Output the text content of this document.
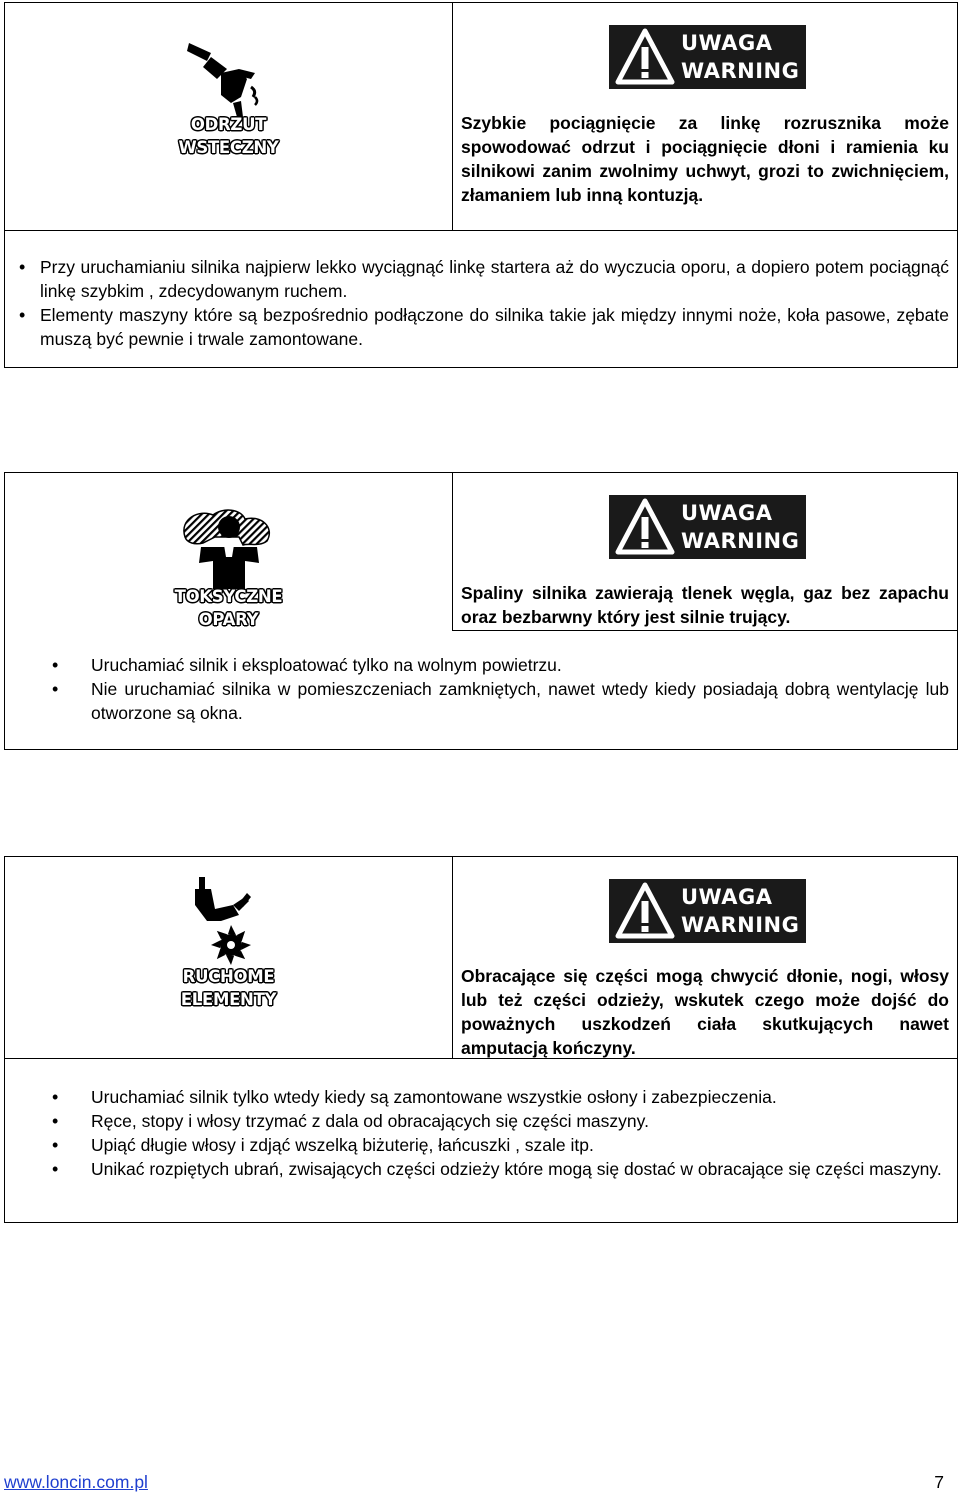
ODRZUT
WSTECZNY
UWAGA
WARNING
Szybkie pociągnięcie za linkę rozrusznika może spowodować odrzut i pociągnięcie dłoni i ramienia ku silnikowi zanim zwolnimy uchwyt, grozi to zwichnięciem, złamaniem lub inną kontuzją.
• Przy uruchamianiu silnika najpierw lekko wyciągnąć linkę startera aż do wyczucia oporu, a dopiero potem pociągnąć linkę szybkim , zdecydowanym ruchem.
• Elementy maszyny które są bezpośrednio podłączone do silnika takie jak między innymi noże, koła pasowe, zębate muszą być pewnie i trwale zamontowane.
TOKSYCZNE
OPARY
UWAGA
WARNING
Spaliny silnika zawierają tlenek węgla, gaz bez zapachu oraz bezbarwny który jest silnie trujący.
• Uruchamiać silnik i eksploatować tylko na wolnym powietrzu.
• Nie uruchamiać silnika w pomieszczeniach zamkniętych, nawet wtedy kiedy posiadają dobrą wentylację lub otworzone są okna.
RUCHOME
ELEMENTY
UWAGA
WARNING
Obracające się części mogą chwycić dłonie, nogi, włosy lub też części odzieży, wskutek czego może dojść do poważnych uszkodzeń ciała skutkujących nawet amputacją kończyny.
• Uruchamiać silnik tylko wtedy kiedy są zamontowane wszystkie osłony i zabezpieczenia.
• Ręce, stopy i włosy trzymać z dala od obracających się części maszyny.
• Upiąć długie włosy i zdjąć wszelką biżuterię, łańcuszki , szale itp.
• Unikać rozpiętych ubrań, zwisających części odzieży które mogą się dostać w obracające się części maszyny.
www.loncin.com.pl	7
